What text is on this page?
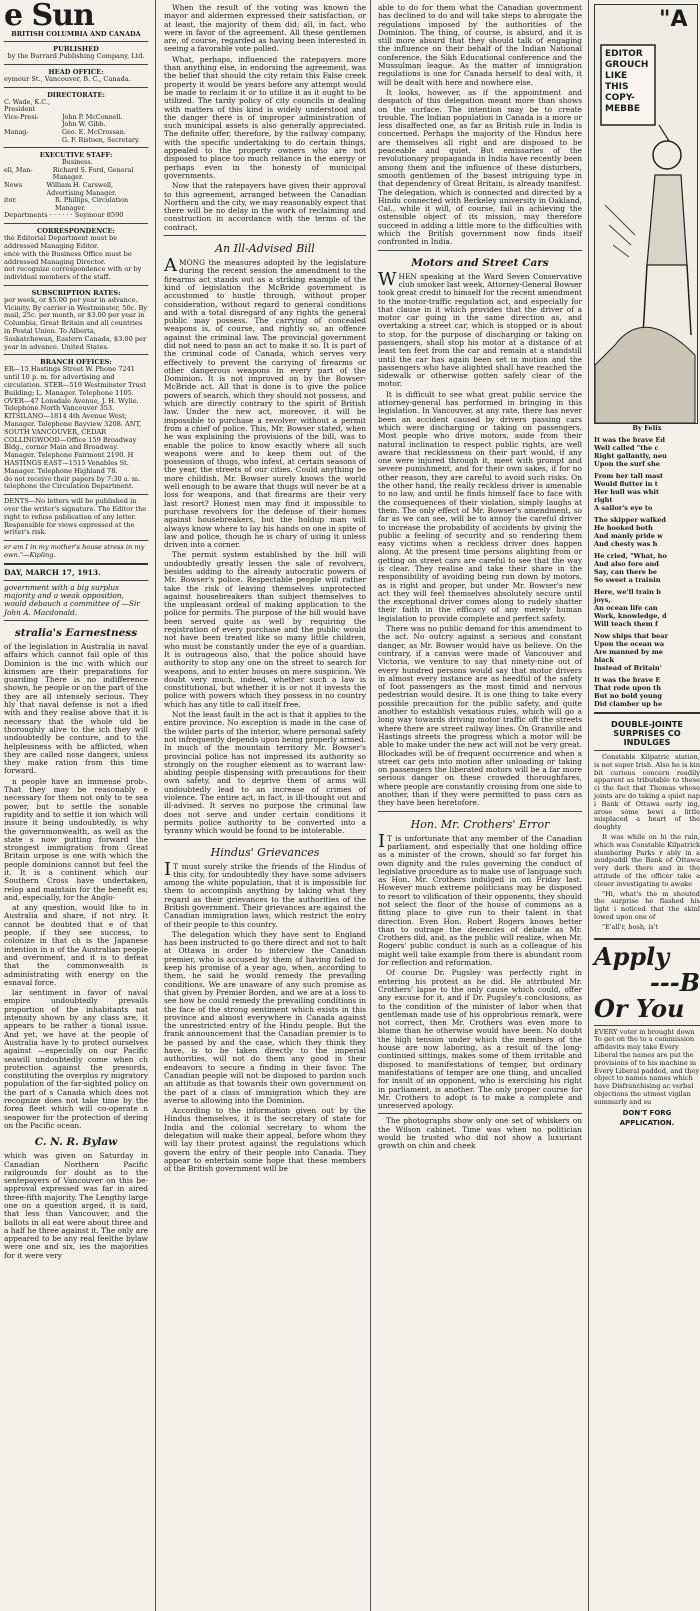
e Sun
BRITISH COLUMBIA AND CANADA
PUBLISHED
by the Burrard Publishing Company, Ltd.
HEAD OFFICE:
eymour St., Vancouver, B. C., Canada.
DIRECTORATE:
C. Wade, K.C., President
Vice-Presi-	John P. McConnell.
John W. Gibb.
Manag-	Geo. E. McCrossan.
G. F. Ristoen, Secretary.
EXECUTIVE STAFF:
Business.
ell, Man-	Richard S. Ford, General Manager.
News	William H. Carswell, Advertising Manager.
itor.	R. Phillips, Circulation Manager.
Departments · · · · · · Seymour 8590
CORRESPONDENCE:
the Editorial Department must be addressed Managing Editor.
ence with the Business Office must be addressed Managing Director.
not recognize correspondence with or by individual members of the staff.
SUBSCRIPTION RATES:
per week, or $5.00 per year in advance. Vicinity. By carrier in Westminster, 50c. By mail, 25c. per month, or $3.00 per year in Columbia, Great Britain and all countries in Postal Union. To Alberta, Saskatchewan, Eastern Canada, $3.00 per year in advance. United States.
BRANCH OFFICES:
ER—15 Hastings Street W. Phone 7241 until 10 p. m. for advertising and circulation. STER—519 Westminster Trust Building; L. Manager. Telephone 1105. OVER—47 Lonsdale Avenue, J. H. Wylie. Telephone North Vancouver 353. KITSILANO—1814 4th Avenue West; Manager. Telephone Bayview 3208. ANT, SOUTH VANCOUVER, CEDAR COLLINGWOOD—Office 159 Broadway Bldg., corner Main and Broadway. Manager. Telephone Fairmont 2190. H HASTINGS EAST—1515 Venables St. Manager. Telephone Highland 78.
do not receive their papers by 7:30 a. m. telephone the Circulation Department.
DENTS—No letters will be published in over the writer's signature. The Editor the right to refuse publication of any letter. Responsible for views expressed at the writer's risk.
er am I in my mother's house stress in my own."—Kipling.
DAY, MARCH 17, 1913.
government with a big surplus majority and a weak opposition, would debauch a committee of —Sir John A. Macdonald.
stralia's Earnestness

of the legislation in Australia in naval affairs which cannot fail ople of this Dominion is the inc with which our kinsmen are their preparations for guarding There is no indifference shown, he people or on the part of the they are all intensely serious. They hly that naval defense is not a ified with and they realise above that it is necessary that the whole uld be thoroughly alive to the ich they will undoubtedly be conture, and to the helplessness with be afflicted, when they are called nose dangers, unless they make ration from this time forward.

n people have an immense prob-. That they may be reasonably e necessary for them not only to te sea power, but to settle the sonable rapidity and to settle it ion which will insure it being undoubtedly, is why the governmonwealth, as well as the state s now putting forward the strongest immigration from Great Britain urpose is one with which the people dominions cannot but feel the it. It is a continent which our Southern Cross have undertaken, relop and maintain for the benefit es; and, especially, for the Anglo-

at any question, would like to in Australia and share, if not ntry. It cannot be doubted that e of that people, if they see success, to colonize in that ch is the Japanese intention in n of the Australian people and overnment, and it is to defeat that the commonwealth is administrating with energy on the esnaval force.

lar sentiment in favor of naval empire undoubtedly prevails proportion of the inhabitants nat intensity shown by any class are, it appears to be rather a tional issue. And yet, we have at the people of Australia have ly to protect ourselves against —especially on our Pacific seawill undoubtedly come when ch protection against the presords, constituting the overplus ry migratory population of the far-sighted policy on the part of s Canada which does not recognize does not take time by the forea fleet which will co-operate n seapower for the protection of dering on the Pacific ocean.

C. N. R. Bylaw

which was given on Saturday in Canadian Northern Pacific railgrounds for doubt as to the sentepayers of Vancouver on this be-approval expressed was far in aired three-fifth majority. The Lengthy large one on a question arged, it is said, that less than Vancouver, and the ballots in all eat were about three and a half he three against it. The only are appeared to be any real feelthe bylaw were one and six, ies the majorities for it were very

When the result of the voting was known the mayor and aldermen expressed their satisfaction, or at least, the majority of them did; all, in fact, who were in favor of the agreement. All these gentlemen are, of course, regarded as having been interested in seeing a favorable vote polled.

What, perhaps, influenced the ratepayers more than anything else, in endorsing the agreement, was the belief that should the city retain this False creek property it would be years before any attempt would be made to reclaim it or to utilize it as it ought to be utilized. The tardy policy of city councils in dealing with matters of this kind is widely understood and the danger there is of improper administration of such municipal assets is also generally appreciated. The definite offer, therefore, by the railway company, with the specific undertaking to do certain things, appealed to the property owners who are not disposed to place too much reliance in the energy or perhaps even in the honesty of municipal governments.

Now that the ratepayers have given their approval to this agreement, arranged between the Canadian Northern and the city, we may reasonably expect that there will be no delay in the work of reclaiming and construction in accordance with the terms of the contract.

An Ill-Advised Bill

AMONG the measures adopted by the legislature during the recent session the amendment to the firearms act stands out as a striking example of the kind of legislation the McBride government is accustomed to hustle through, without proper consideration, without regard to general conditions and with a total disregard of any rights the general public may possess. The carrying of concealed weapons is, of course, and rightly so, an offence against the criminal law. The provincial government did not need to pass an act to make it so. It is part of the criminal code of Canada, which serves very effectively to prevent the carrying of firearms or other dangerous weapons in every part of the Dominion. It is not improved on by the Bowser-McBride act. All that is done is to give the police powers of search, which they should not possess, and which are directly contrary to the spirit of British law. Under the new act, moreover, it will be impossible to purchase a revolver without a permit from a chief of police. This, Mr. Bowser stated, when he was explaining the provisions of the bill, was to enable the police to know exactly where all such weapons were and to keep them out of the possession of thugs, who infest, at certain seasons of the year, the streets of our cities. Could anything be more childish. Mr. Bowser surely knows the world well enough to be aware that thugs will never be at a loss for weapons, and that firearms are their very last resort? Honest men may find it impossible to purchase revolvers for the defense of their homes against housebreakers, but the holdup man will always know where to lay his hands on one in spite of law and police, though he is chary of using it unless driven into a corner.

The permit system established by the bill will undoubtedly greatly lessen the sale of revolvers, besides adding to the already autocratic powers of Mr. Bowser's police. Respectable people will rather take the risk of leaving themselves unprotected against housebreakers than subject themselves to the unpleasant ordeal of making application to the police for permits. The purpose of the bill would have been served quite as well by requiring the registration of every purchase and the public would not have been treated like so many little children, who must be constantly under the eye of a guardian. It is outrageous also, that the police should have authority to stop any one on the street to search for weapons, and to enter houses on mere suspicion. We doubt very much, indeed, whether such a law is constitutional, but whether it is or not it invests the police with powers which they possess in no country which has any title to call itself free.

Not the least fault in the act is that it applies to the entire province. No exception is made in the case of the wilder parts of the interior, where personal safety not infrequently depends upon being properly armed. In much of the mountain territory Mr. Bowser's provincial police has not impressed its authority so strongly on the rougher element as to warrant law-abiding people dispensing with precautions for their own safety, and to deprive them of arms will undoubtedly lead to an increase of crimes of violence. The entire act, in fact, is ill-thought out and ill-advised. It serves no purpose the criminal law does not serve and under certain conditions it permits police authority to be converted into a tyranny which would be found to be intolerable.

Hindus' Grievances

IT must surely strike the friends of the Hindus of this city, for undoubtedly they have some advisers among the white population, that it is impossible for them to accomplish anything by taking what they regard as their grievances to the authorities of the British government. Their grievances are against the Canadian immigration laws, which restrict the entry of their people to this country.

The delegation which they have sent to England has been instructed to go there direct and not to halt at Ottawa in order to interview the Canadian premier, who is accused by them of having failed to keep his promise of a year ago, when, according to them, he said he would remedy the prevailing conditions. We are unaware of any such promise as that given by Premier Borden, and we are at a loss to see how he could remedy the prevailing conditions in the face of the strong sentiment which exists in this province and almost everywhere in Canada against the unrestricted entry of the Hindu people. But the frank announcement that the Canadian premier is to be passed by and the case, which they think they have, is to be taken directly to the imperial authorities, will not do them any good in their endeavors to secure a finding in their favor. The Canadian people will not be disposed to pardon such an attitude as that towards their own government on the part of a class of immigration which they are averse to allowing into the Dominion.

According to the information given out by the Hindus themselves, it is the secretary of state for India and the colonial secretary to whom the delegation will make their appeal, before whom they will lay their protest against the regulations which govern the entry of their people into Canada. They appear to entertain some hope that these members of the British government will be

able to do for them what the Canadian government has declined to do and will take steps to abrogate the regulations imposed by the authorities of the Dominion. The thing, of course, is absurd, and it is still more absurd that they should talk of engaging the influence on their behalf of the Indian National conference, the Sikh Educational conference and the Mussulman league. As the matter of immigration regulations is one for Canada herself to deal with, it will be dealt with here and nowhere else.

It looks, however, as if the appointment and despatch of this delegation meant more than shows on the surface. The intention may be to create trouble. The Indian population in Canada is a more or less disaffected one, as far as British rule in India is concerned. Perhaps the majority of the Hindus here are themselves all right and are disposed to be peaceable and quiet. But emissaries of the revolutionary propaganda in India have recently been among them and the influence of these disturbers, smooth gentlemen of the basest intriguing type in that dependency of Great Britain, is already manifest. The delegation, which is connected and directed by a Hindu connected with Berkeley university in Oakland, Cal., while it will, of course, fail in achieving the ostensible object of its mission, may therefore succeed in adding a little more to the difficulties with which the British government now finds itself confronted in India.

Motors and Street Cars

WHEN speaking at the Ward Seven Conservative club smoker last week, Attorney-General Bowser took great credit to himself for the recent amendment to the motor-traffic regulation act, and especially for that clause in it which provides that the driver of a motor car going in the same direction as, and overtaking a street car, which is stopped or is about to stop, for the purpose of discharging or taking on passengers, shall stop his motor at a distance of at least ten feet from the car and remain at a standstill until the car has again been set in motion and the passengers who have alighted shall have reached the sidewalk or otherwise gotten safely clear of the motor.

It is difficult to see what great public service the attorney-general has performed in bringing in this legislation. In Vancouver, at any rate, there has never been an accident caused by drivers passing cars which were discharging or taking on passengers. Most people who drive motors, aside from their natural inclination to respect public rights, are well aware that recklessness on their part would, if any one were injured through it, meet with prompt and severe punishment, and for their own sakes, if for no other reason, they are careful to avoid such risks. On the other hand, the really reckless driver is amenable to no law, and until he finds himself face to face with the consequences of their violation, simply laughs at them. The only effect of Mr. Bowser's amendment, so far as we can see, will be to annoy the careful driver to increase the probability of accidents by giving the public a feeling of security and so rendering them easy victims when a reckless driver does happen along. At the present time persons alighting from or getting on street cars are careful to see that the way is clear. They realise and take their share in the responsibility of avoiding being run down by motors, as is right and proper, but under Mr. Bowser's new act they will feel themselves absolutely secure until the exceptional driver comes along to rudely shatter their faith in the efficacy of any merely human legislation to provide complete and perfect safety.

There was no public demand for this amendment to the act. No outcry against a serious and constant danger, as Mr. Bowser would have us believe. On the contrary, if a canvas were made of Vancouver and Victoria, we venture to say that ninety-nine out of every hundred persons would say that motor drivers in almost every instance are as heedful of the safety of foot passengers as the most timid and nervous pedestrian would desire. It is one thing to take every possible precaution for the public safety, and quite another to establish vexatious rules, which will go a long way towards driving motor traffic off the streets where there are street railway lines. On Granville and Hastings streets the progress which a motor will be able to make under the new act will not be very great. Blockades will be of frequent occurrence and when a street car gets into motion after unloading or taking on passengers the liberated motors will be a far more serious danger on these crowded thoroughfares, where people are constantly crossing from one side to another, than if they were permitted to pass cars as they have been heretofore.

Hon. Mr. Crothers' Error

IT is unfortunate that any member of the Canadian parliament, and especially that one holding office as a minister of the crown, should so far forget his own dignity and the rules governing the conduct of legislative procedure as to make use of language such as Hon. Mr. Crothers indulged in on Friday last. However much extreme politicians may be disposed to resort to vilification of their opponents, they should not select the floor of the house of commons as a fitting place to give run to their talent in that direction. Even Hon. Robert Rogers knows better than to outrage the decencies of debate as Mr. Crothers did, and, as the public will realize, when Mr. Rogers' public conduct is such as a colleague of his might well take example from there is abundant room for reflection and reformation.

Of course Dr. Pugsley was perfectly right in entering his protest as he did. He attributed Mr. Crothers' lapse to the only cause which could, offer any excuse for it, and if Dr. Pugsley's conclusions, as to the condition of the minister of labor when that gentleman made use of his opprobrious remark, were not correct, then Mr. Crothers was even more to blame than he otherwise would have been. No doubt the high tension under which the members of the house are now laboring, as a result of the long-continued sittings, makes some of them irritable and disposed to manifestations of temper, but ordinary manifestations of temper are one thing, and uncalled for insult of an opponent, who is exercising his right in parliament, is another. The only proper course for Mr. Crothers to adopt is to make a complete and unreserved apology.

The photographs show only one set of whiskers on the Wilson cabinet. Time was when no politician would be trusted who did not show a luxuriant growth on chin and cheek

"A
EDITOR
GROUCH
LIKE
THIS
COPY-
MEBBE
By Felix
It was the brave Ed
Well called "the c
Right gallantly, neu
Upon the surf she
From her tall mast
Would flutter in t
Her hull was whit
right
A sailor's eye to
The skipper walked
He hooked both
And manly pride w
And chesty was h
He cried, "What, ho
And also fore and
Say, can there be
So sweet a trainin
Here, we'll train b
joys,
An ocean life can
Work, knowledge, d
Will teach them f
Now ships that bear
Upon the ocean wa
Are manned by me
black
Instead of Britain'
It was the brave E
That rode upon th
But no bold young
Did clamber up he
DOUBLE-JOINTE SURPRISES CO INDULGES

Constable Kilpatric station, is not super Irish. Also he is kin bit curious concern readily apparent as tributable to these ci the fact that Thomas whose joints are do taking a quiet nap i Bank of Ottawa early ing, arose some bewi a little misplaced a heart of the doughty

It was while on hi the rain, which was Constable Kilpatrick slumbering Parks r ably in a mudpuddl the Bank of Ottawa very dark there and in the attitude of the officer take a closer investigating to awake

"Hi, what's the m shouted the surprise he flashed his light i noticed that the skinl lowed upon one of

"E'all'r, bosh, is't

Apply
---B
Or You
EVERY voter in brought down To get on the to a commission affidavits may take Every Liberal the names are put the provisions of to his machine m Every Liberal padded, and they object to names names which have Disfranchising ac verbal objections the utmost vigilan summarly and su
DON'T FORG
APPLICATION.
